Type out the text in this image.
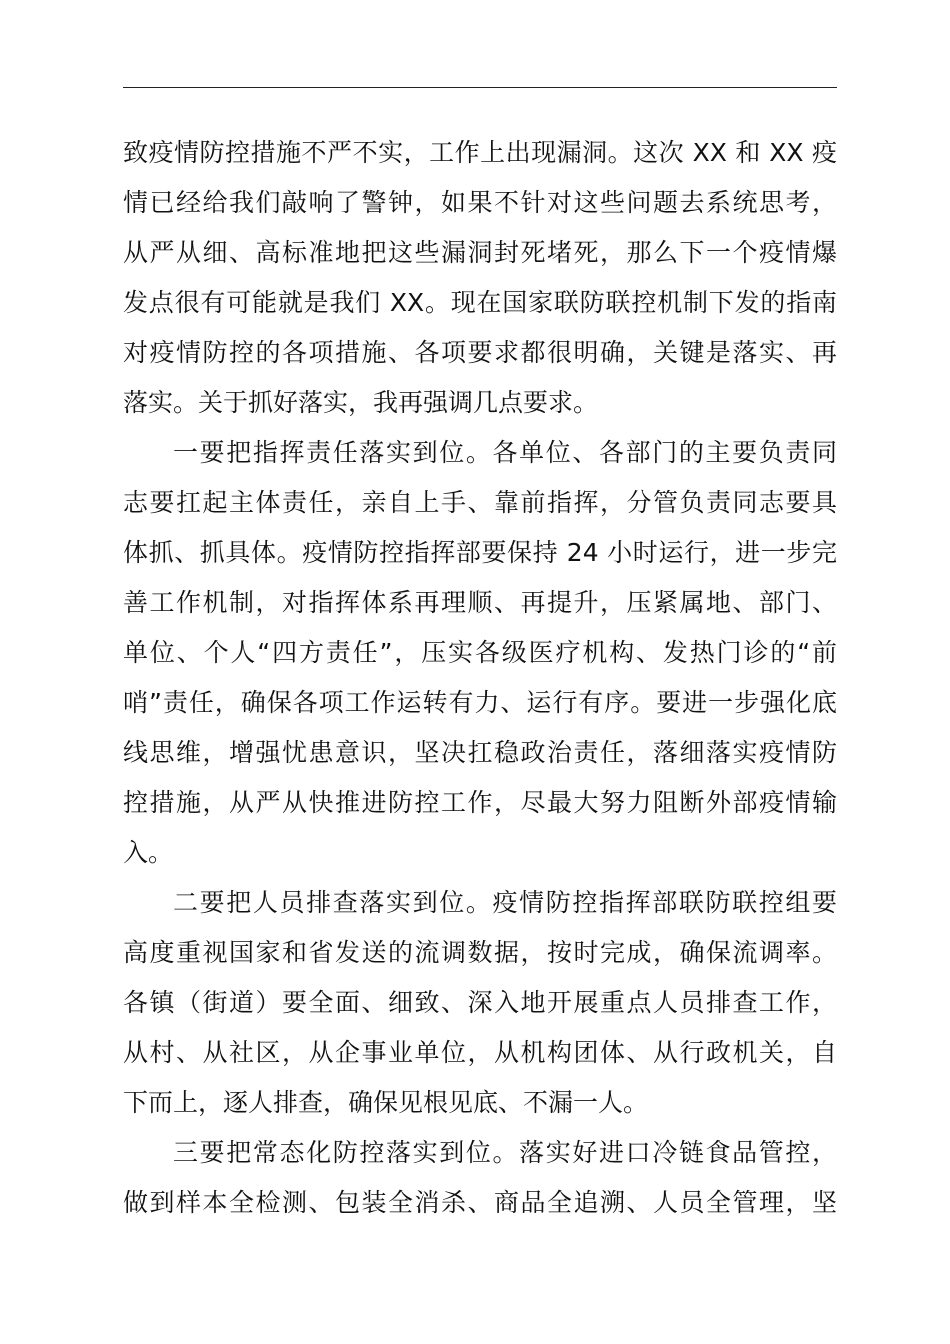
致疫情防控措施不严不实，工作上出现漏洞。这次 XX 和 XX 疫
情已经给我们敲响了警钟，如果不针对这些问题去系统思考，
从严从细、高标准地把这些漏洞封死堵死，那么下一个疫情爆
发点很有可能就是我们 XX。现在国家联防联控机制下发的指南
对疫情防控的各项措施、各项要求都很明确，关键是落实、再
落实。关于抓好落实，我再强调几点要求。
一要把指挥责任落实到位。各单位、各部门的主要负责同
志要扛起主体责任，亲自上手、靠前指挥，分管负责同志要具
体抓、抓具体。疫情防控指挥部要保持 24 小时运行，进一步完
善工作机制，对指挥体系再理顺、再提升，压紧属地、部门、
单位、个人“四方责任”，压实各级医疗机构、发热门诊的“前
哨”责任，确保各项工作运转有力、运行有序。要进一步强化底
线思维，增强忧患意识，坚决扛稳政治责任，落细落实疫情防
控措施，从严从快推进防控工作，尽最大努力阻断外部疫情输
入。
二要把人员排查落实到位。疫情防控指挥部联防联控组要
高度重视国家和省发送的流调数据，按时完成，确保流调率。
各镇（街道）要全面、细致、深入地开展重点人员排查工作，
从村、从社区，从企事业单位，从机构团体、从行政机关，自
下而上，逐人排查，确保见根见底、不漏一人。
三要把常态化防控落实到位。落实好进口冷链食品管控，
做到样本全检测、包装全消杀、商品全追溯、人员全管理，坚
